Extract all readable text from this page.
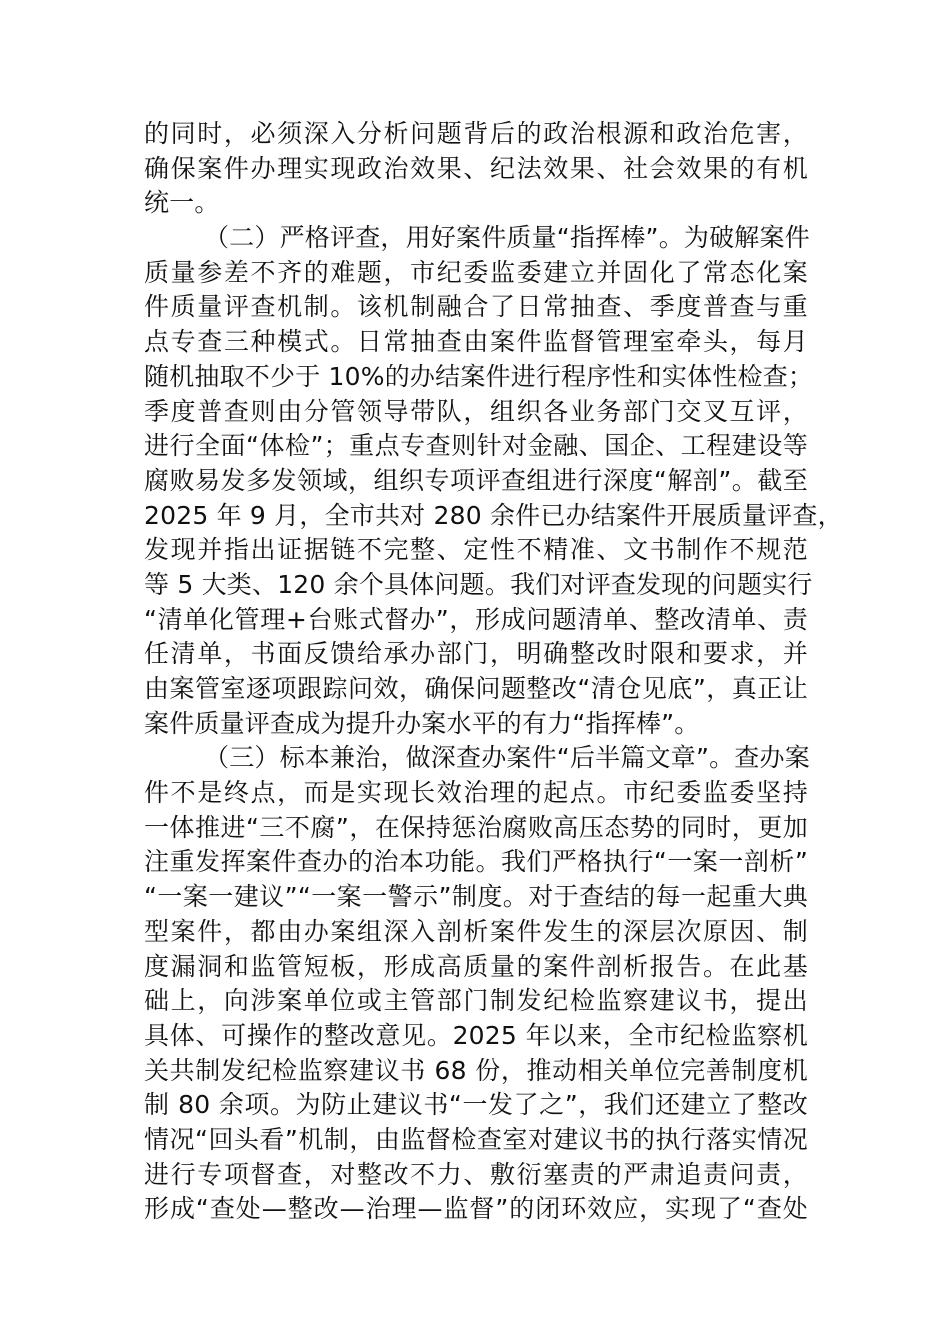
的同时，必须深入分析问题背后的政治根源和政治危害，
确保案件办理实现政治效果、纪法效果、社会效果的有机
统一。
（二）严格评查，用好案件质量“指挥棒”。为破解案件
质量参差不齐的难题，市纪委监委建立并固化了常态化案
件质量评查机制。该机制融合了日常抽查、季度普查与重
点专查三种模式。日常抽查由案件监督管理室牵头，每月
随机抽取不少于 10%的办结案件进行程序性和实体性检查；
季度普查则由分管领导带队，组织各业务部门交叉互评，
进行全面“体检”；重点专查则针对金融、国企、工程建设等
腐败易发多发领域，组织专项评查组进行深度“解剖”。截至
2025 年 9 月，全市共对 280 余件已办结案件开展质量评查，
发现并指出证据链不完整、定性不精准、文书制作不规范
等 5 大类、120 余个具体问题。我们对评查发现的问题实行
“清单化管理+台账式督办”，形成问题清单、整改清单、责
任清单，书面反馈给承办部门，明确整改时限和要求，并
由案管室逐项跟踪问效，确保问题整改“清仓见底”，真正让
案件质量评查成为提升办案水平的有力“指挥棒”。
（三）标本兼治，做深查办案件“后半篇文章”。查办案
件不是终点，而是实现长效治理的起点。市纪委监委坚持
一体推进“三不腐”，在保持惩治腐败高压态势的同时，更加
注重发挥案件查办的治本功能。我们严格执行“一案一剖析”
“一案一建议”“一案一警示”制度。对于查结的每一起重大典
型案件，都由办案组深入剖析案件发生的深层次原因、制
度漏洞和监管短板，形成高质量的案件剖析报告。在此基
础上，向涉案单位或主管部门制发纪检监察建议书，提出
具体、可操作的整改意见。2025 年以来，全市纪检监察机
关共制发纪检监察建议书 68 份，推动相关单位完善制度机
制 80 余项。为防止建议书“一发了之”，我们还建立了整改
情况“回头看”机制，由监督检查室对建议书的执行落实情况
进行专项督查，对整改不力、敷衍塞责的严肃追责问责，
形成“查处—整改—治理—监督”的闭环效应，实现了“查处
